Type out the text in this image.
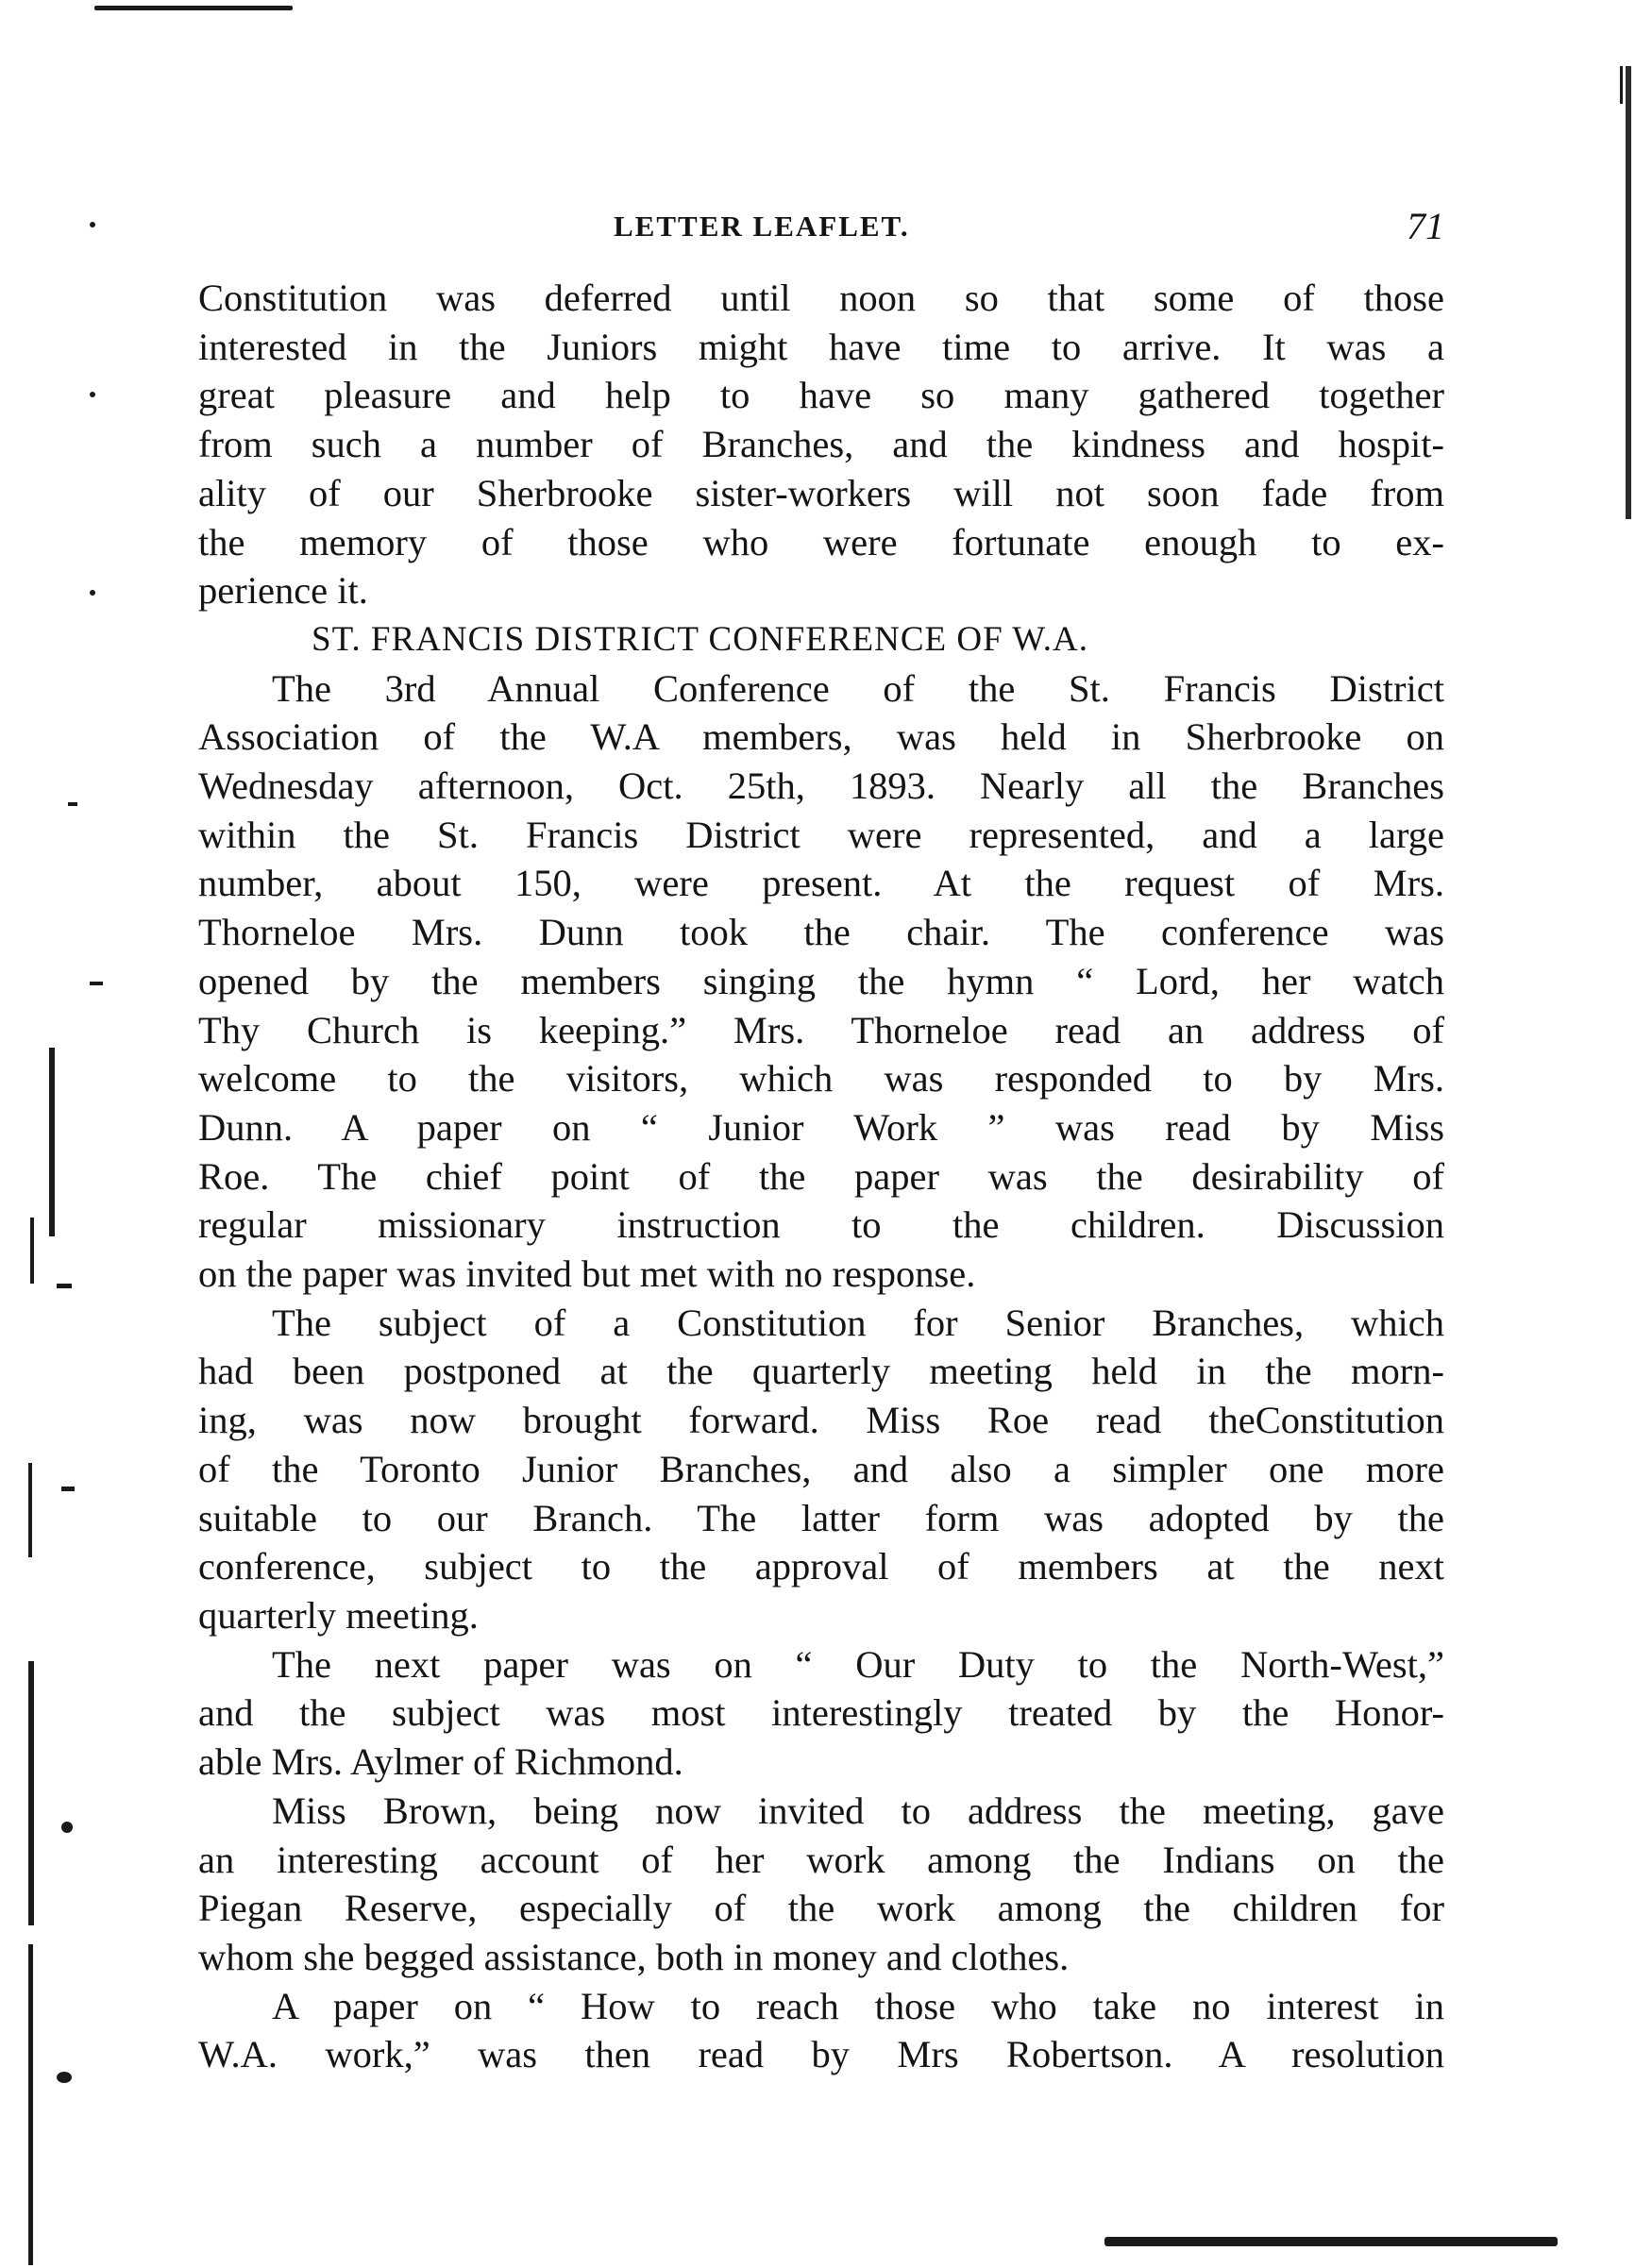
LETTER LEAFLET.	71
Constitution was deferred until noon so that some of those
interested in the Juniors might have time to arrive. It was a
great pleasure and help to have so many gathered together
from such a number of Branches, and the kindness and hospit-
ality of our Sherbrooke sister-workers will not soon fade from
the memory of those who were fortunate enough to ex-
perience it.
ST. FRANCIS DISTRICT CONFERENCE OF W.A.
The 3rd Annual Conference of the St. Francis District
Association of the W.A members, was held in Sherbrooke on
Wednesday afternoon, Oct. 25th, 1893. Nearly all the Branches
within the St. Francis District were represented, and a large
number, about 150, were present. At the request of Mrs.
Thorneloe Mrs. Dunn took the chair. The conference was
opened by the members singing the hymn “ Lord, her watch
Thy Church is keeping.” Mrs. Thorneloe read an address of
welcome to the visitors, which was responded to by Mrs.
Dunn. A paper on “ Junior Work ” was read by Miss
Roe. The chief point of the paper was the desirability of
regular missionary instruction to the children. Discussion
on the paper was invited but met with no response.
The subject of a Constitution for Senior Branches, which
had been postponed at the quarterly meeting held in the morn-
ing, was now brought forward. Miss Roe read theConstitution
of the Toronto Junior Branches, and also a simpler one more
suitable to our Branch. The latter form was adopted by the
conference, subject to the approval of members at the next
quarterly meeting.
The next paper was on “ Our Duty to the North-West,”
and the subject was most interestingly treated by the Honor-
able Mrs. Aylmer of Richmond.
Miss Brown, being now invited to address the meeting, gave
an interesting account of her work among the Indians on the
Piegan Reserve, especially of the work among the children for
whom she begged assistance, both in money and clothes.
A paper on “ How to reach those who take no interest in
W.A. work,” was then read by Mrs Robertson. A resolution
